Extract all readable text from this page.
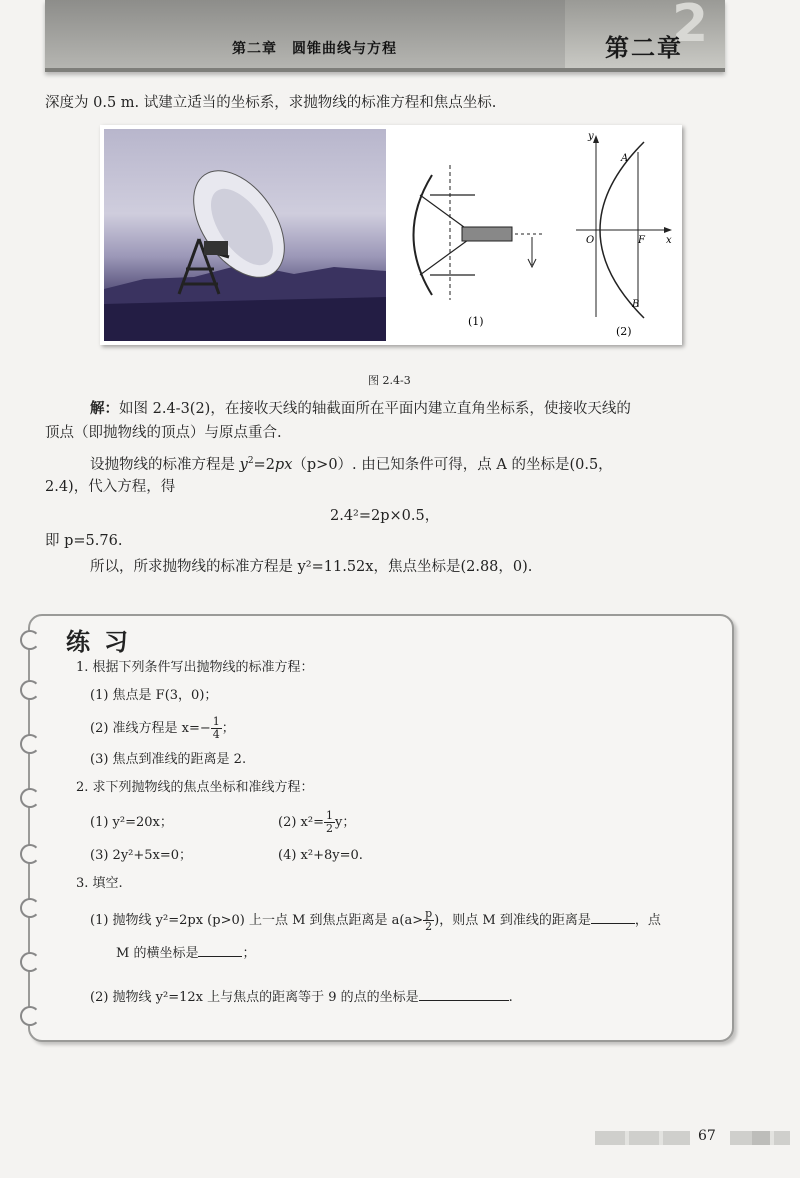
2
第二章　圆锥曲线与方程	第二章
深度为 0.5 m. 试建立适当的坐标系，求抛物线的标准方程和焦点坐标.
(1)
y
x
O	F
A
B
(2)
图 2.4-3
解：如图 2.4-3(2)，在接收天线的轴截面所在平面内建立直角坐标系，使接收天线的
顶点（即抛物线的顶点）与原点重合.
设抛物线的标准方程是 $y^2=2px(p>0)$. 由已知条件可得，点 A 的坐标是(0.5，
2.4)，代入方程，得
2.4²=2p×0.5，
即 p=5.76.
所以，所求抛物线的标准方程是 y²=11.52x，焦点坐标是(2.88，0).
练习
1. 根据下列条件写出抛物线的标准方程：
(1) 焦点是 F(3，0)；
(2) 准线方程是 $x=- \frac{1}{4}$ ；
(3) 焦点到准线的距离是 2.
2. 求下列抛物线的焦点坐标和准线方程：
(1) y²=20x；	(2) $x^2= \frac{1}{2}$ y；
(3) 2y²+5x=0；	(4) x²+8y=0.
3. 填空.
(1) 抛物线 y²=2px (p>0) 上一点 M 到焦点距离是 $a(a> \frac{p}{2}$ )，则点 M 到准线的距离是	，点
M 的横坐标是	；
(2) 抛物线 y²=12x 上与焦点的距离等于 9 的点的坐标是	.
67
